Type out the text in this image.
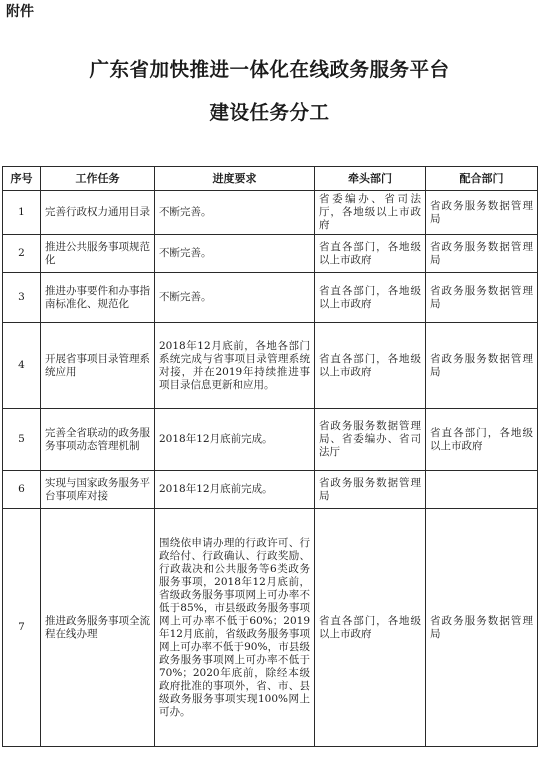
附件
广东省加快推进一体化在线政务服务平台
建设任务分工
序号	工作任务	进度要求	牵头部门	配合部门
1	完善行政权力通用目录	不断完善。	省委编办、省司法厅，各地级以上市政府	省政务服务数据管理局
2	推进公共服务事项规范化	不断完善。	省直各部门，各地级以上市政府	省政务服务数据管理局
3	推进办事要件和办事指南标准化、规范化	不断完善。	省直各部门，各地级以上市政府	省政务服务数据管理局
4	开展省事项目录管理系统应用	2018年12月底前，各地各部门系统完成与省事项目录管理系统对接，并在2019年持续推进事项目录信息更新和应用。	省直各部门，各地级以上市政府	省政务服务数据管理局
5	完善全省联动的政务服务事项动态管理机制	2018年12月底前完成。	省政务服务数据管理局、省委编办、省司法厅	省直各部门，各地级以上市政府
6	实现与国家政务服务平台事项库对接	2018年12月底前完成。	省政务服务数据管理局	
7	推进政务服务事项全流程在线办理	围绕依申请办理的行政许可、行政给付、行政确认、行政奖励、行政裁决和公共服务等6类政务服务事项，2018年12月底前，省级政务服务事项网上可办率不低于85%，市县级政务服务事项网上可办率不低于60%；2019年12月底前，省级政务服务事项网上可办率不低于90%，市县级政务服务事项网上可办率不低于70%；2020年底前，除经本级政府批准的事项外，省、市、县级政务服务事项实现100%网上可办。	省直各部门，各地级以上市政府	省政务服务数据管理局
